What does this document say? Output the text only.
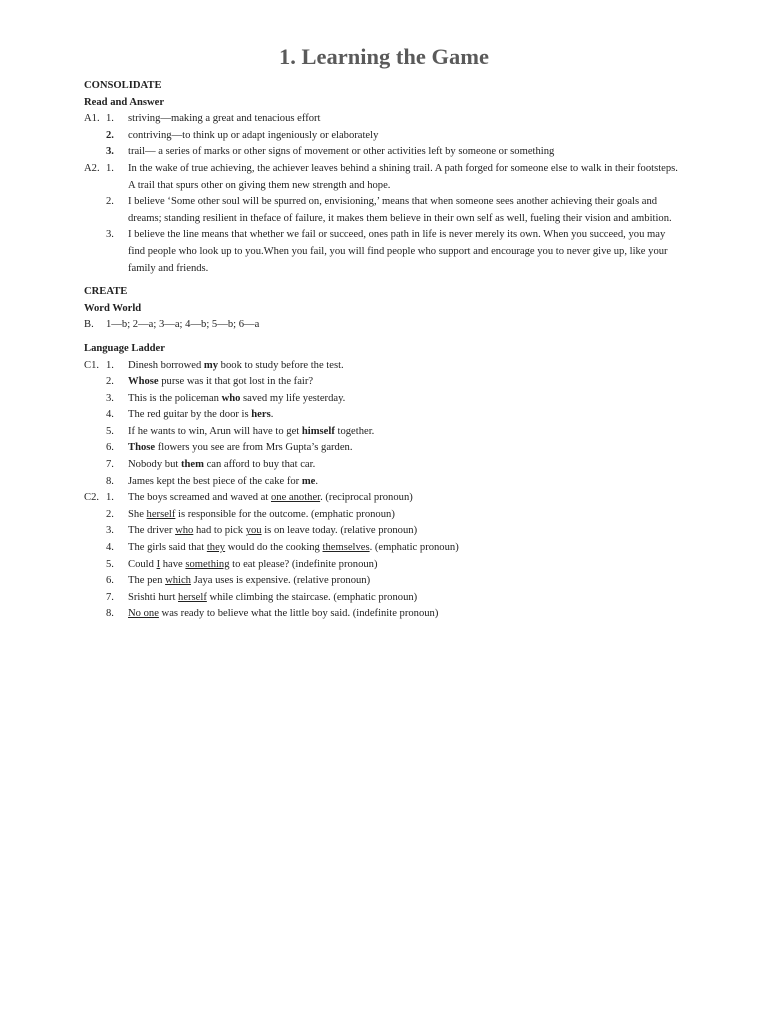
1. Learning the Game
CONSOLIDATE
Read and Answer
A1. 1.	striving—making a great and tenacious effort
2.	contriving—to think up or adapt ingeniously or elaborately
3.	trail— a series of marks or other signs of movement or other activities left by someone or something
A2. 1.	In the wake of true achieving, the achiever leaves behind a shining trail. A path forged for someone else to walk in their footsteps. A trail that spurs other on giving them new strength and hope.
2.	I believe ‘Some other soul will be spurred on, envisioning,’ means that when someone sees another achieving their goals and dreams; standing resilient in theface of failure, it makes them believe in their own self as well, fueling their vision and ambition.
3.	I believe the line means that whether we fail or succeed, ones path in life is never merely its own. When you succeed, you may find people who look up to you.When you fail, you will find people who support and encourage you to never give up, like your family and friends.
CREATE
Word World
B.	1—b; 2—a; 3—a; 4—b; 5—b; 6—a
Language Ladder
C1. 1.	Dinesh borrowed my book to study before the test.
2.	Whose purse was it that got lost in the fair?
3.	This is the policeman who saved my life yesterday.
4.	The red guitar by the door is hers.
5.	If he wants to win, Arun will have to get himself together.
6.	Those flowers you see are from Mrs Gupta’s garden.
7.	Nobody but them can afford to buy that car.
8.	James kept the best piece of the cake for me.
C2. 1.	The boys screamed and waved at one another. (reciprocal pronoun)
2.	She herself is responsible for the outcome. (emphatic pronoun)
3.	The driver who had to pick you is on leave today. (relative pronoun)
4.	The girls said that they would do the cooking themselves. (emphatic pronoun)
5.	Could I have something to eat please? (indefinite pronoun)
6.	The pen which Jaya uses is expensive. (relative pronoun)
7.	Srishti hurt herself while climbing the staircase. (emphatic pronoun)
8.	No one was ready to believe what the little boy said. (indefinite pronoun)
